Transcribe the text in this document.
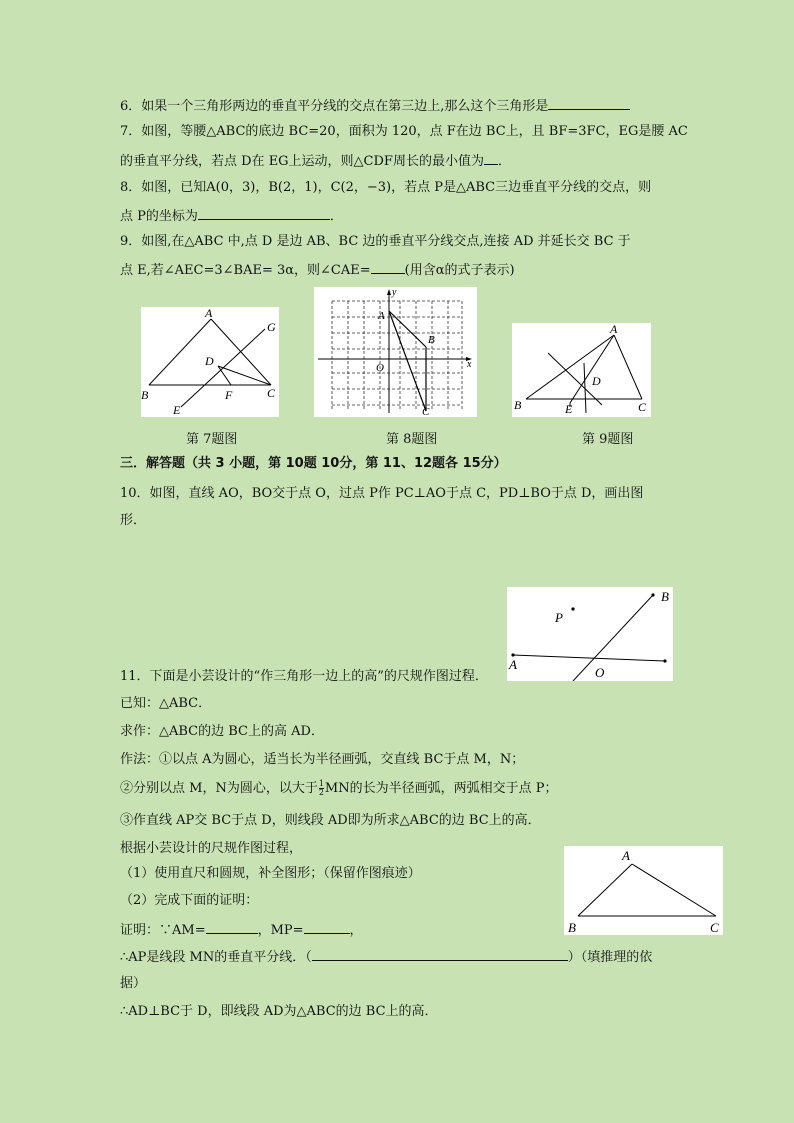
6．如果一个三角形两边的垂直平分线的交点在第三边上,那么这个三角形是
7．如图，等腰△ABC的底边 BC=20，面积为 120，点 F在边 BC上，且 BF=3FC，EG是腰 AC
的垂直平分线，若点 D在 EG上运动，则△CDF周长的最小值为 ．
8．如图，已知A(0，3)，B(2，1)，C(2，−3)，若点 P是△ABC三边垂直平分线的交点，则
点 P的坐标为	．
9．如图,在△ABC 中,点 D 是边 AB、BC 边的垂直平分线交点,连接 AD 并延长交 BC 于
点 E,若∠AEC=3∠BAE= 3α，则∠CAE=	(用含α的式子表示)
A
B	C
D
E
F
G
第 7题图
A
B
C
O	x
y
第 8题图
A
B	C
D
E
第 9题图
三．解答题（共 3 小题，第 10题 10分，第 11、12题各 15分）
10．如图，直线 AO，BO交于点 O，过点 P作 PC⊥AO于点 C，PD⊥BO于点 D，画出图
形．
P
B
A
O
11．下面是小芸设计的“作三角形一边上的高”的尺规作图过程．
已知：△ABC．
求作：△ABC的边 BC上的高 AD．
作法：①以点 A为圆心，适当长为半径画弧，交直线 BC于点 M，N；
②分别以点 M，N为圆心，以大于 $\frac{1}{2}$ MN的长为半径画弧，两弧相交于点 P；
③作直线 AP交 BC于点 D，则线段 AD即为所求△ABC的边 BC上的高．
根据小芸设计的尺规作图过程，
（1）使用直尺和圆规，补全图形；（保留作图痕迹）
（2）完成下面的证明：
证明：∵AM=	，MP=	，
∴AP是线段 MN的垂直平分线．（	）（填推理的依
据）
∴AD⊥BC于 D，即线段 AD为△ABC的边 BC上的高．
A
B	C
